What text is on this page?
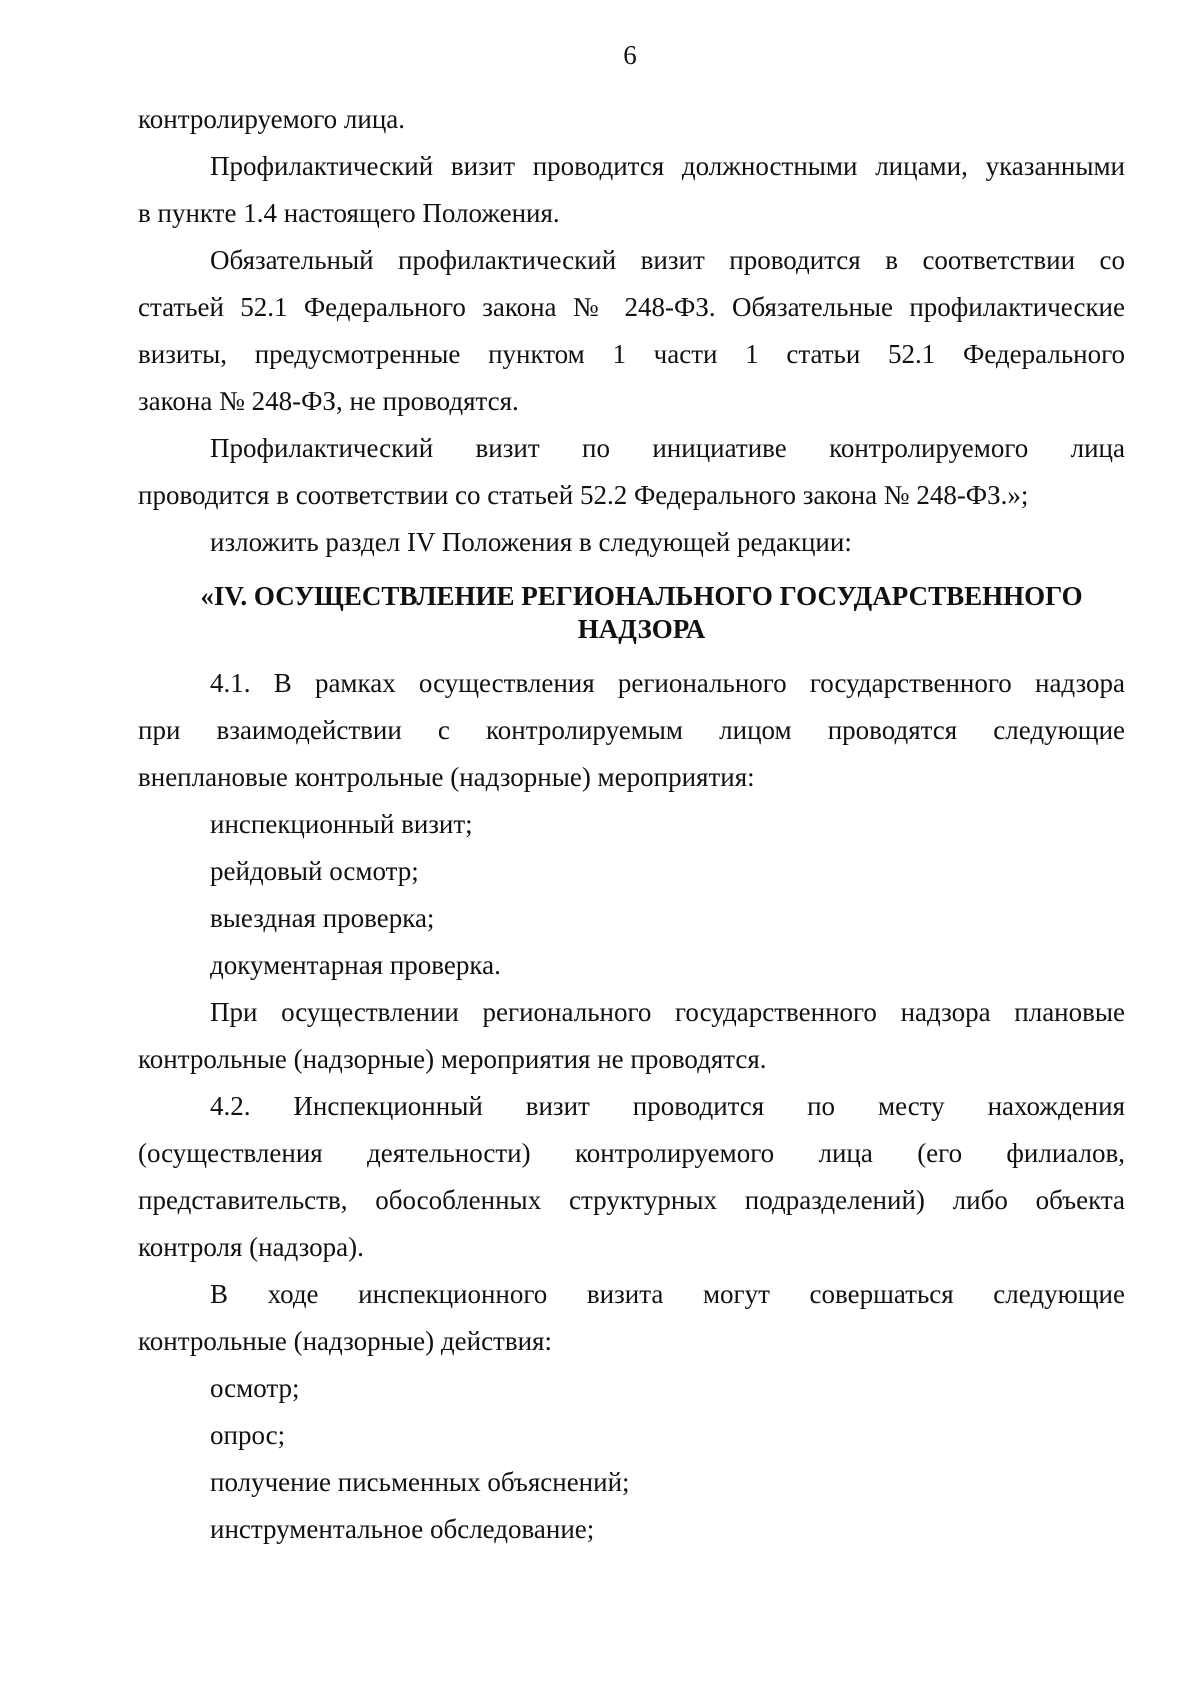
6
контролируемого лица.
Профилактический визит проводится должностными лицами, указанными
в пункте 1.4 настоящего Положения.
Обязательный профилактический визит проводится в соответствии со
статьей 52.1 Федерального закона № 248-ФЗ. Обязательные профилактические
визиты, предусмотренные пунктом 1 части 1 статьи 52.1 Федерального
закона № 248-ФЗ, не проводятся.
Профилактический визит по инициативе контролируемого лица
проводится в соответствии со статьей 52.2 Федерального закона № 248-ФЗ.»;
изложить раздел IV Положения в следующей редакции:
«IV. ОСУЩЕСТВЛЕНИЕ РЕГИОНАЛЬНОГО ГОСУДАРСТВЕННОГО
НАДЗОРА
4.1. В рамках осуществления регионального государственного надзора
при взаимодействии с контролируемым лицом проводятся следующие
внеплановые контрольные (надзорные) мероприятия:
инспекционный визит;
рейдовый осмотр;
выездная проверка;
документарная проверка.
При осуществлении регионального государственного надзора плановые
контрольные (надзорные) мероприятия не проводятся.
4.2. Инспекционный визит проводится по месту нахождения
(осуществления деятельности) контролируемого лица (его филиалов,
представительств, обособленных структурных подразделений) либо объекта
контроля (надзора).
В ходе инспекционного визита могут совершаться следующие
контрольные (надзорные) действия:
осмотр;
опрос;
получение письменных объяснений;
инструментальное обследование;
